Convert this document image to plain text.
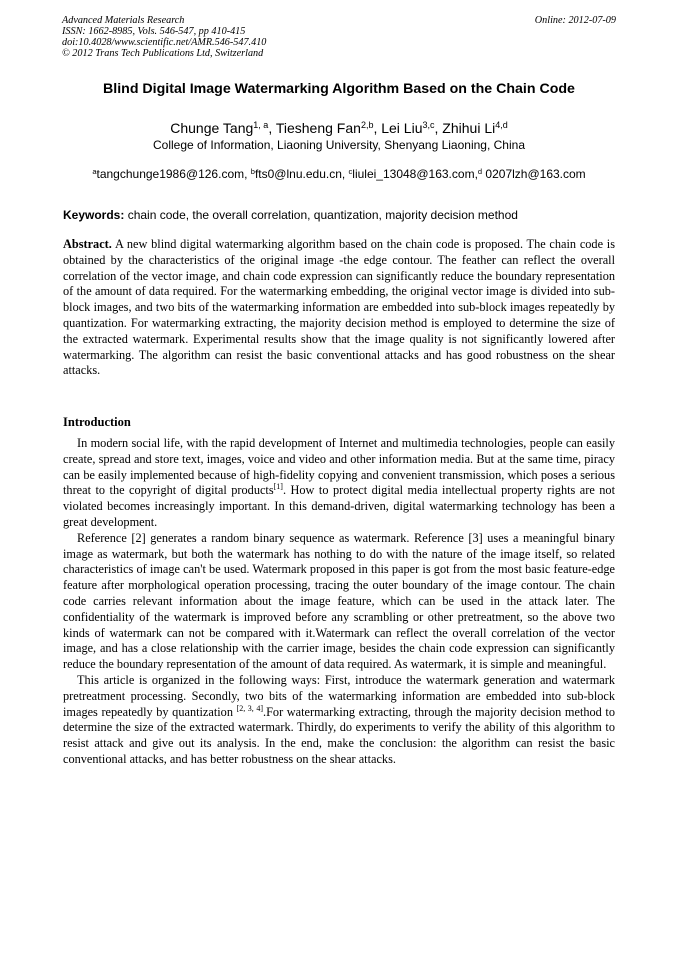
Advanced Materials Research
ISSN: 1662-8985, Vols. 546-547, pp 410-415
doi:10.4028/www.scientific.net/AMR.546-547.410
© 2012 Trans Tech Publications Ltd, Switzerland
Online: 2012-07-09
Blind Digital Image Watermarking Algorithm Based on the Chain Code
Chunge Tang$^{1, a}$, Tiesheng Fan$^{2,b}$, Lei Liu$^{3,c}$, Zhihui Li$^{4,d}$
College of Information, Liaoning University, Shenyang Liaoning, China
$^a$tangchunge1986@126.com, $^b$fts0@lnu.edu.cn, $^c$liulei_13048@163.com,$^d$ 0207lzh@163.com
Keywords: chain code, the overall correlation, quantization, majority decision method
Abstract. A new blind digital watermarking algorithm based on the chain code is proposed. The chain code is obtained by the characteristics of the original image -the edge contour. The feather can reflect the overall correlation of the vector image, and chain code expression can significantly reduce the boundary representation of the amount of data required. For the watermarking embedding, the original vector image is divided into sub-block images, and two bits of the watermarking information are embedded into sub-block images repeatedly by quantization. For watermarking extracting, the majority decision method is employed to determine the size of the extracted watermark. Experimental results show that the image quality is not significantly lowered after watermarking. The algorithm can resist the basic conventional attacks and has good robustness on the shear attacks.
Introduction

In modern social life, with the rapid development of Internet and multimedia technologies, people can easily create, spread and store text, images, voice and video and other information media. But at the same time, piracy can be easily implemented because of high-fidelity copying and convenient transmission, which poses a serious threat to the copyright of digital products[1]. How to protect digital media intellectual property rights are not violated becomes increasingly important. In this demand-driven, digital watermarking technology has been a great development.

Reference [2] generates a random binary sequence as watermark. Reference [3] uses a meaningful binary image as watermark, but both the watermark has nothing to do with the nature of the image itself, so related characteristics of image can't be used. Watermark proposed in this paper is got from the most basic feature-edge feature after morphological operation processing, tracing the outer boundary of the image contour. The chain code carries relevant information about the image feature, which can be used in the attack later. The confidentiality of the watermark is improved before any scrambling or other pretreatment, so the above two kinds of watermark can not be compared with it.Watermark can reflect the overall correlation of the vector image, and has a close relationship with the carrier image, besides the chain code expression can significantly reduce the boundary representation of the amount of data required. As watermark, it is simple and meaningful.

This article is organized in the following ways: First, introduce the watermark generation and watermark pretreatment processing. Secondly, two bits of the watermarking information are embedded into sub-block images repeatedly by quantization [2, 3, 4].For watermarking extracting, through the majority decision method to determine the size of the extracted watermark. Thirdly, do experiments to verify the ability of this algorithm to resist attack and give out its analysis. In the end, make the conclusion: the algorithm can resist the basic conventional attacks, and has better robustness on the shear attacks.
